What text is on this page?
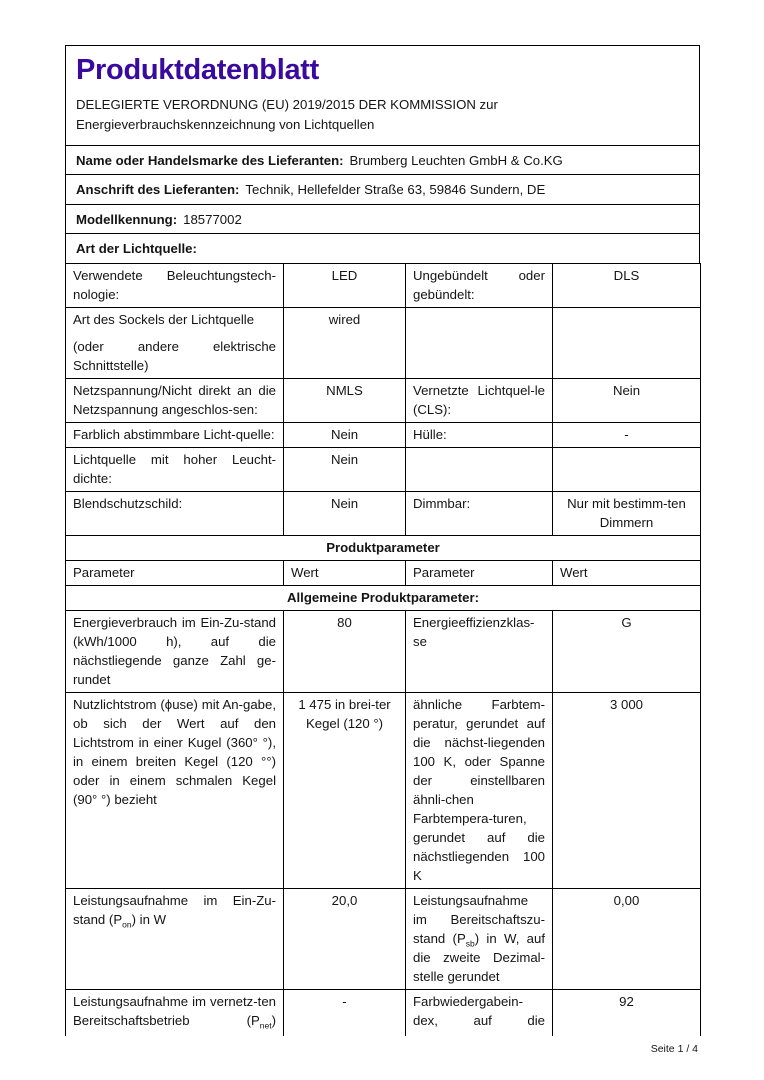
Produktdatenblatt
DELEGIERTE VERORDNUNG (EU) 2019/2015 DER KOMMISSION zur
Energieverbrauchskennzeichnung von Lichtquellen
Name oder Handelsmarke des Lieferanten: Brumberg Leuchten GmbH & Co.KG
Anschrift des Lieferanten: Technik, Hellefelder Straße 63, 59846 Sundern, DE
Modellkennung: 18577002
Art der Lichtquelle:
Verwendete Beleuchtungstech-nologie:	LED	Ungebündelt oder gebündelt:	DLS
Art des Sockels der Lichtquelle
(oder andere elektrische Schnittstelle)	wired		
Netzspannung/Nicht direkt an die Netzspannung angeschlos-sen:	NMLS	Vernetzte Lichtquel-le (CLS):	Nein
Farblich abstimmbare Licht-quelle:	Nein	Hülle:	-
Lichtquelle mit hoher Leucht-dichte:	Nein		
Blendschutzschild:	Nein	Dimmbar:	Nur mit bestimm-ten Dimmern
Produktparameter			
Parameter	Wert	Parameter	Wert
Allgemeine Produktparameter:			
Energieverbrauch im Ein-Zu-stand (kWh/1000 h), auf die nächstliegende ganze Zahl ge-rundet	80	Energieeffizienzklas-se	G
Nutzlichtstrom (ϕuse) mit An-gabe, ob sich der Wert auf den Lichtstrom in einer Kugel (360° °), in einem breiten Kegel (120 °°) oder in einem schmalen Kegel (90° °) bezieht	1 475 in brei-ter Kegel (120 °)	ähnliche Farbtem-peratur, gerundet auf die nächst-liegenden 100 K, oder Spanne der einstellbaren ähnli-chen Farbtempera-turen, gerundet auf die nächstliegenden 100 K	3 000
Leistungsaufnahme im Ein-Zu-stand $(P_{on})$ in W	20,0	Leistungsaufnahme im Bereitschaftszu-stand $(P_{sb})$ in W, auf die zweite Dezimal-stelle gerundet	0,00

Leistungsaufnahme im vernetz-ten Bereitschaftsbetrieb $(P_{net})$	-	Farbwiedergabein-dex, auf die	92
Seite 1 / 4
